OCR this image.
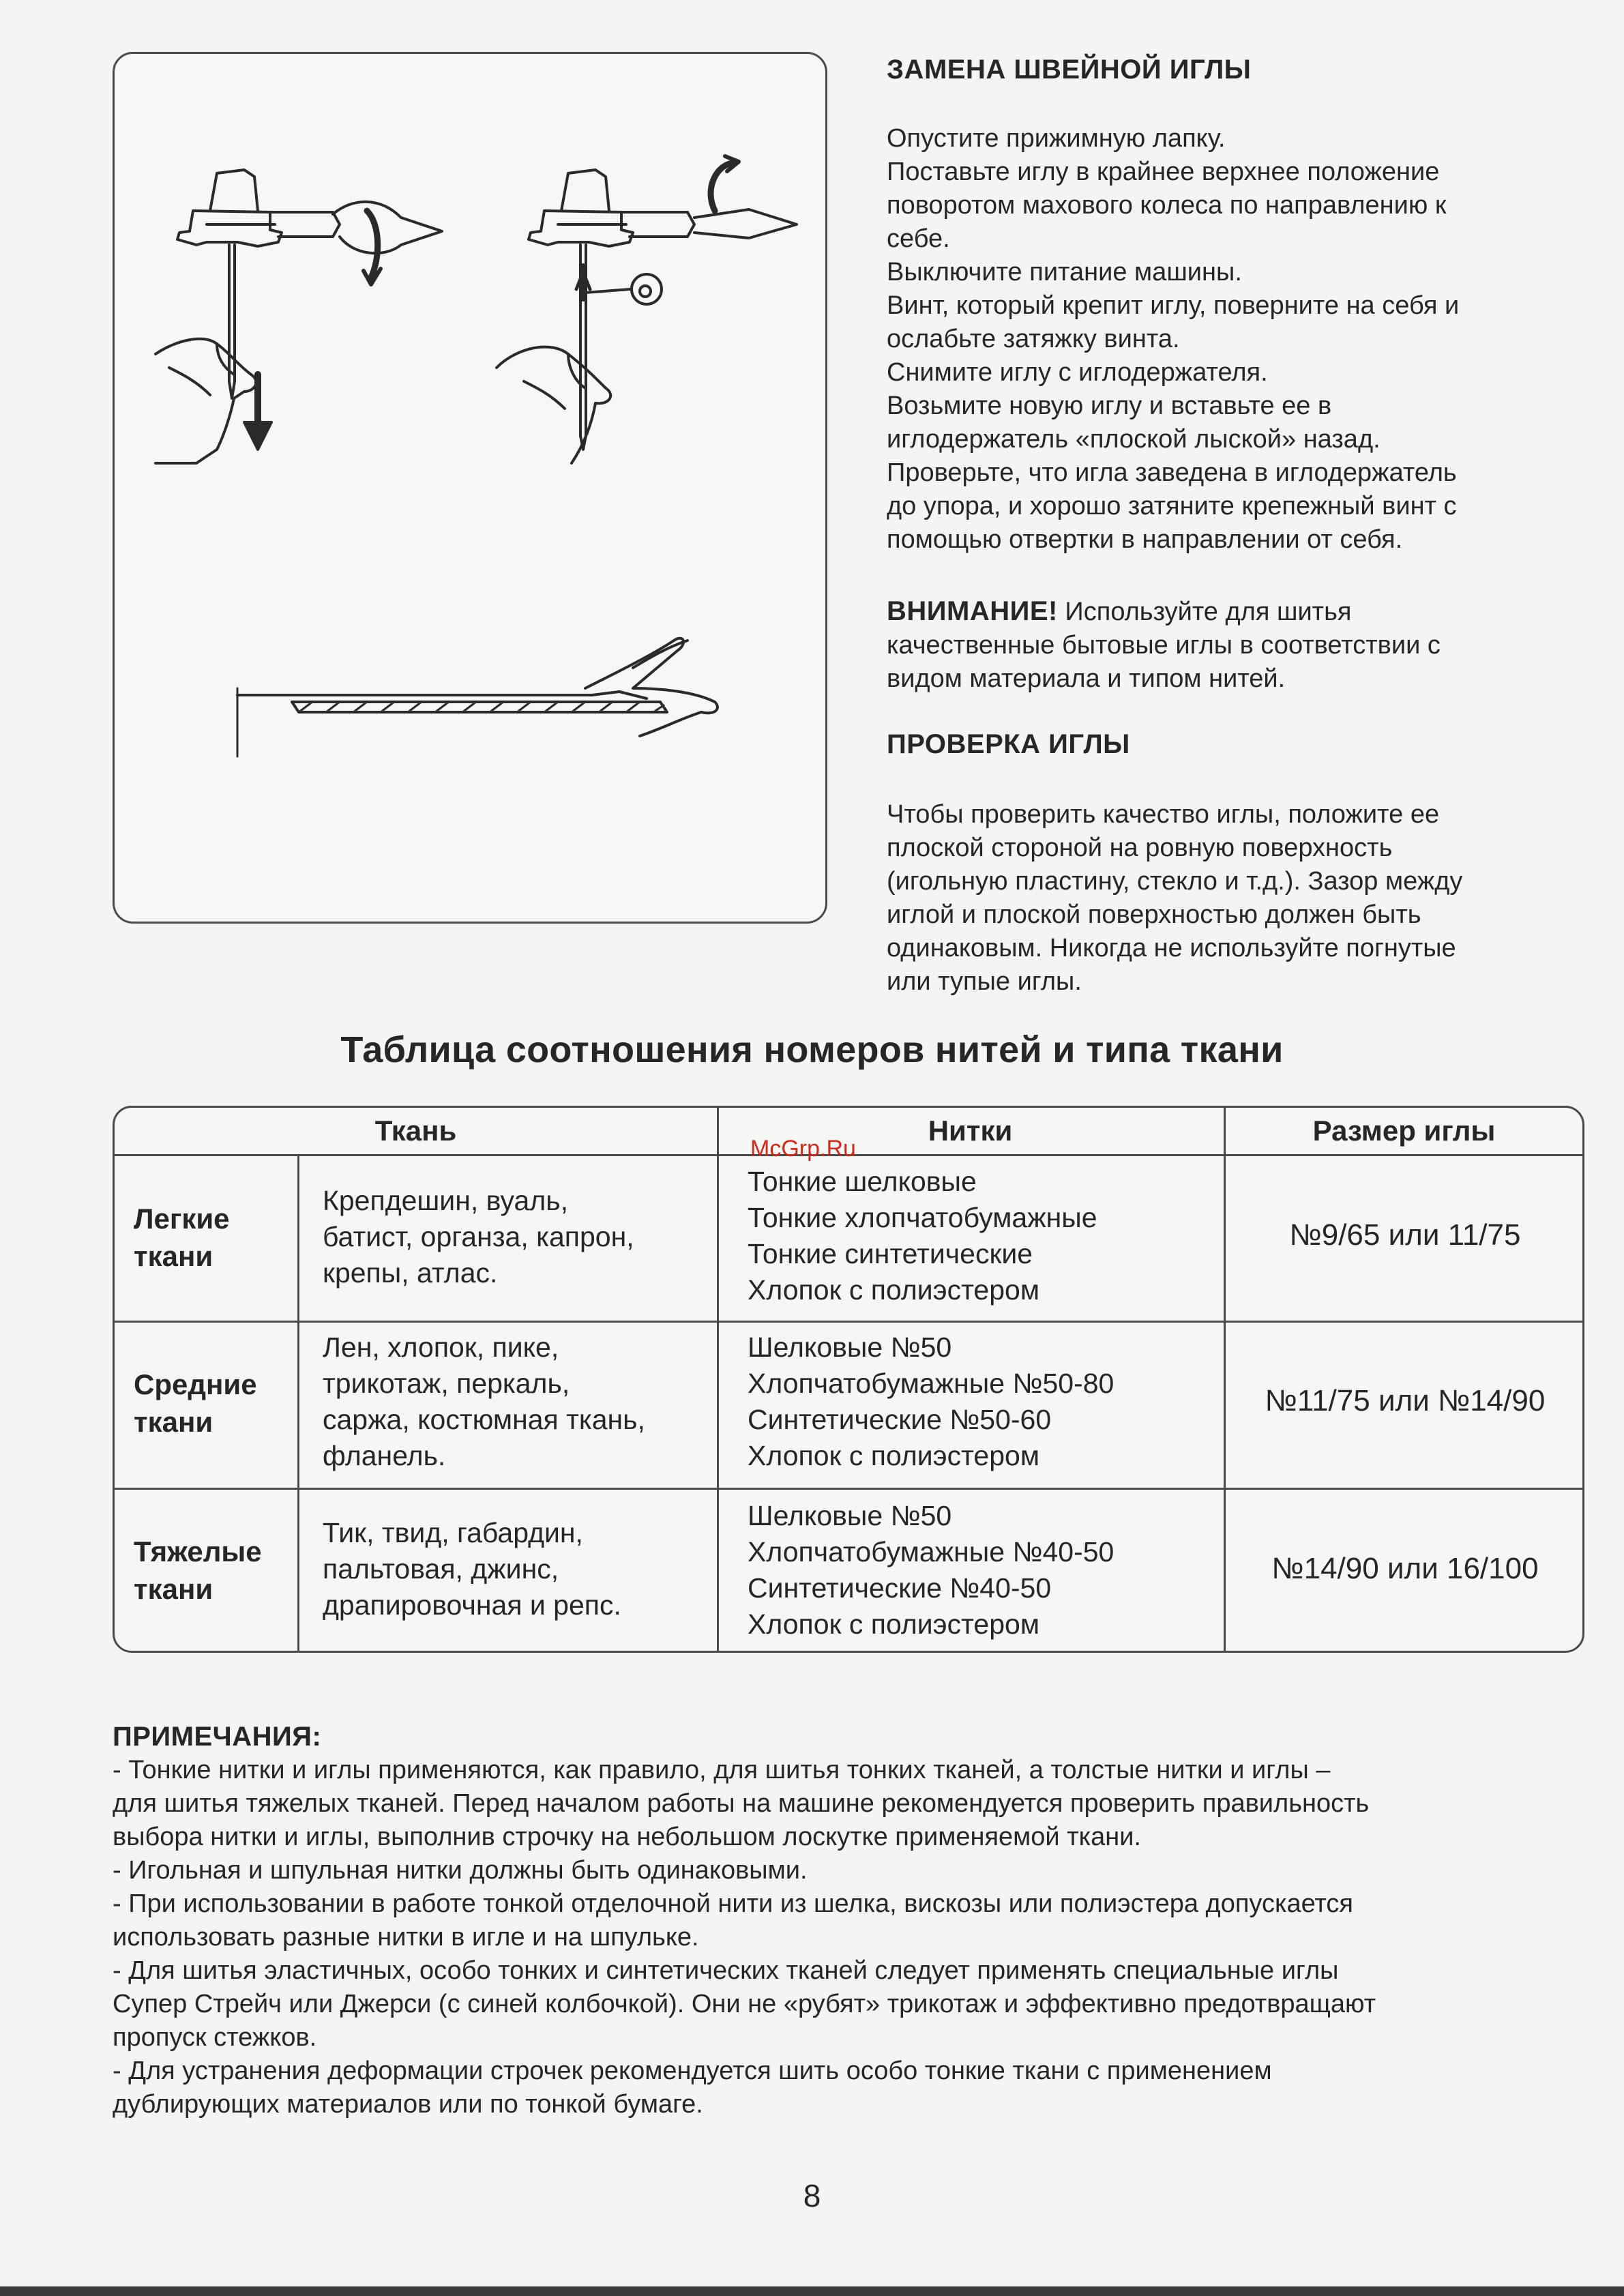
ЗАМЕНА ШВЕЙНОЙ ИГЛЫ

Опустите прижимную лапку.

Поставьте иглу в крайнее верхнее положение

поворотом махового колеса по направлению к

себе.

Выключите питание машины.

Винт, который крепит иглу, поверните на себя и

ослабьте затяжку винта.

Снимите иглу с иглодержателя.

Возьмите новую иглу и вставьте ее в

иглодержатель «плоской лыской» назад.

Проверьте, что игла заведена в иглодержатель

до упора, и хорошо затяните крепежный винт с

помощью отвертки в направлении от себя.

ВНИМАНИЕ! Используйте для шитья

качественные бытовые иглы в соответствии с

видом материала и типом нитей.

ПРОВЕРКА ИГЛЫ

Чтобы проверить качество иглы, положите ее

плоской стороной на ровную поверхность

(игольную пластину, стекло и т.д.). Зазор между

иглой и плоской поверхностью должен быть

одинаковым. Никогда не используйте погнутые

или тупые иглы.

Таблица соотношения номеров нитей и типа ткани
Ткань	Нитки	Размер иглы
Легкие
ткани
Крепдешин, вуаль,
батист, органза, капрон,
крепы, атлас.
Тонкие шелковые
Тонкие хлопчатобумажные
Тонкие синтетические
Хлопок с полиэстером
№9/65 или 11/75
Средние
ткани
Лен, хлопок, пике,
трикотаж, перкаль,
саржа, костюмная ткань,
фланель.
Шелковые №50
Хлопчатобумажные №50-80
Синтетические №50-60
Хлопок с полиэстером
№11/75 или №14/90
Тяжелые
ткани
Тик, твид, габардин,
пальтовая, джинс,
драпировочная и репс.
Шелковые №50
Хлопчатобумажные №40-50
Синтетические №40-50
Хлопок с полиэстером
№14/90 или 16/100
McGrp.Ru

ПРИМЕЧАНИЯ:

- Тонкие нитки и иглы применяются, как правило, для шитья тонких тканей, а толстые нитки и иглы –

для шитья тяжелых тканей. Перед началом работы на машине рекомендуется проверить правильность

выбора нитки и иглы, выполнив строчку на небольшом лоскутке применяемой ткани.

- Игольная и шпульная нитки должны быть одинаковыми.

- При использовании в работе тонкой отделочной нити из шелка, вискозы или полиэстера допускается

использовать разные нитки в игле и на шпульке.

- Для шитья эластичных, особо тонких и синтетических тканей следует применять специальные иглы

Супер Стрейч или Джерси (с синей колбочкой). Они не «рубят» трикотаж и эффективно предотвращают

пропуск стежков.

- Для устранения деформации строчек рекомендуется шить особо тонкие ткани с применением

дублирующих материалов или по тонкой бумаге.

8
